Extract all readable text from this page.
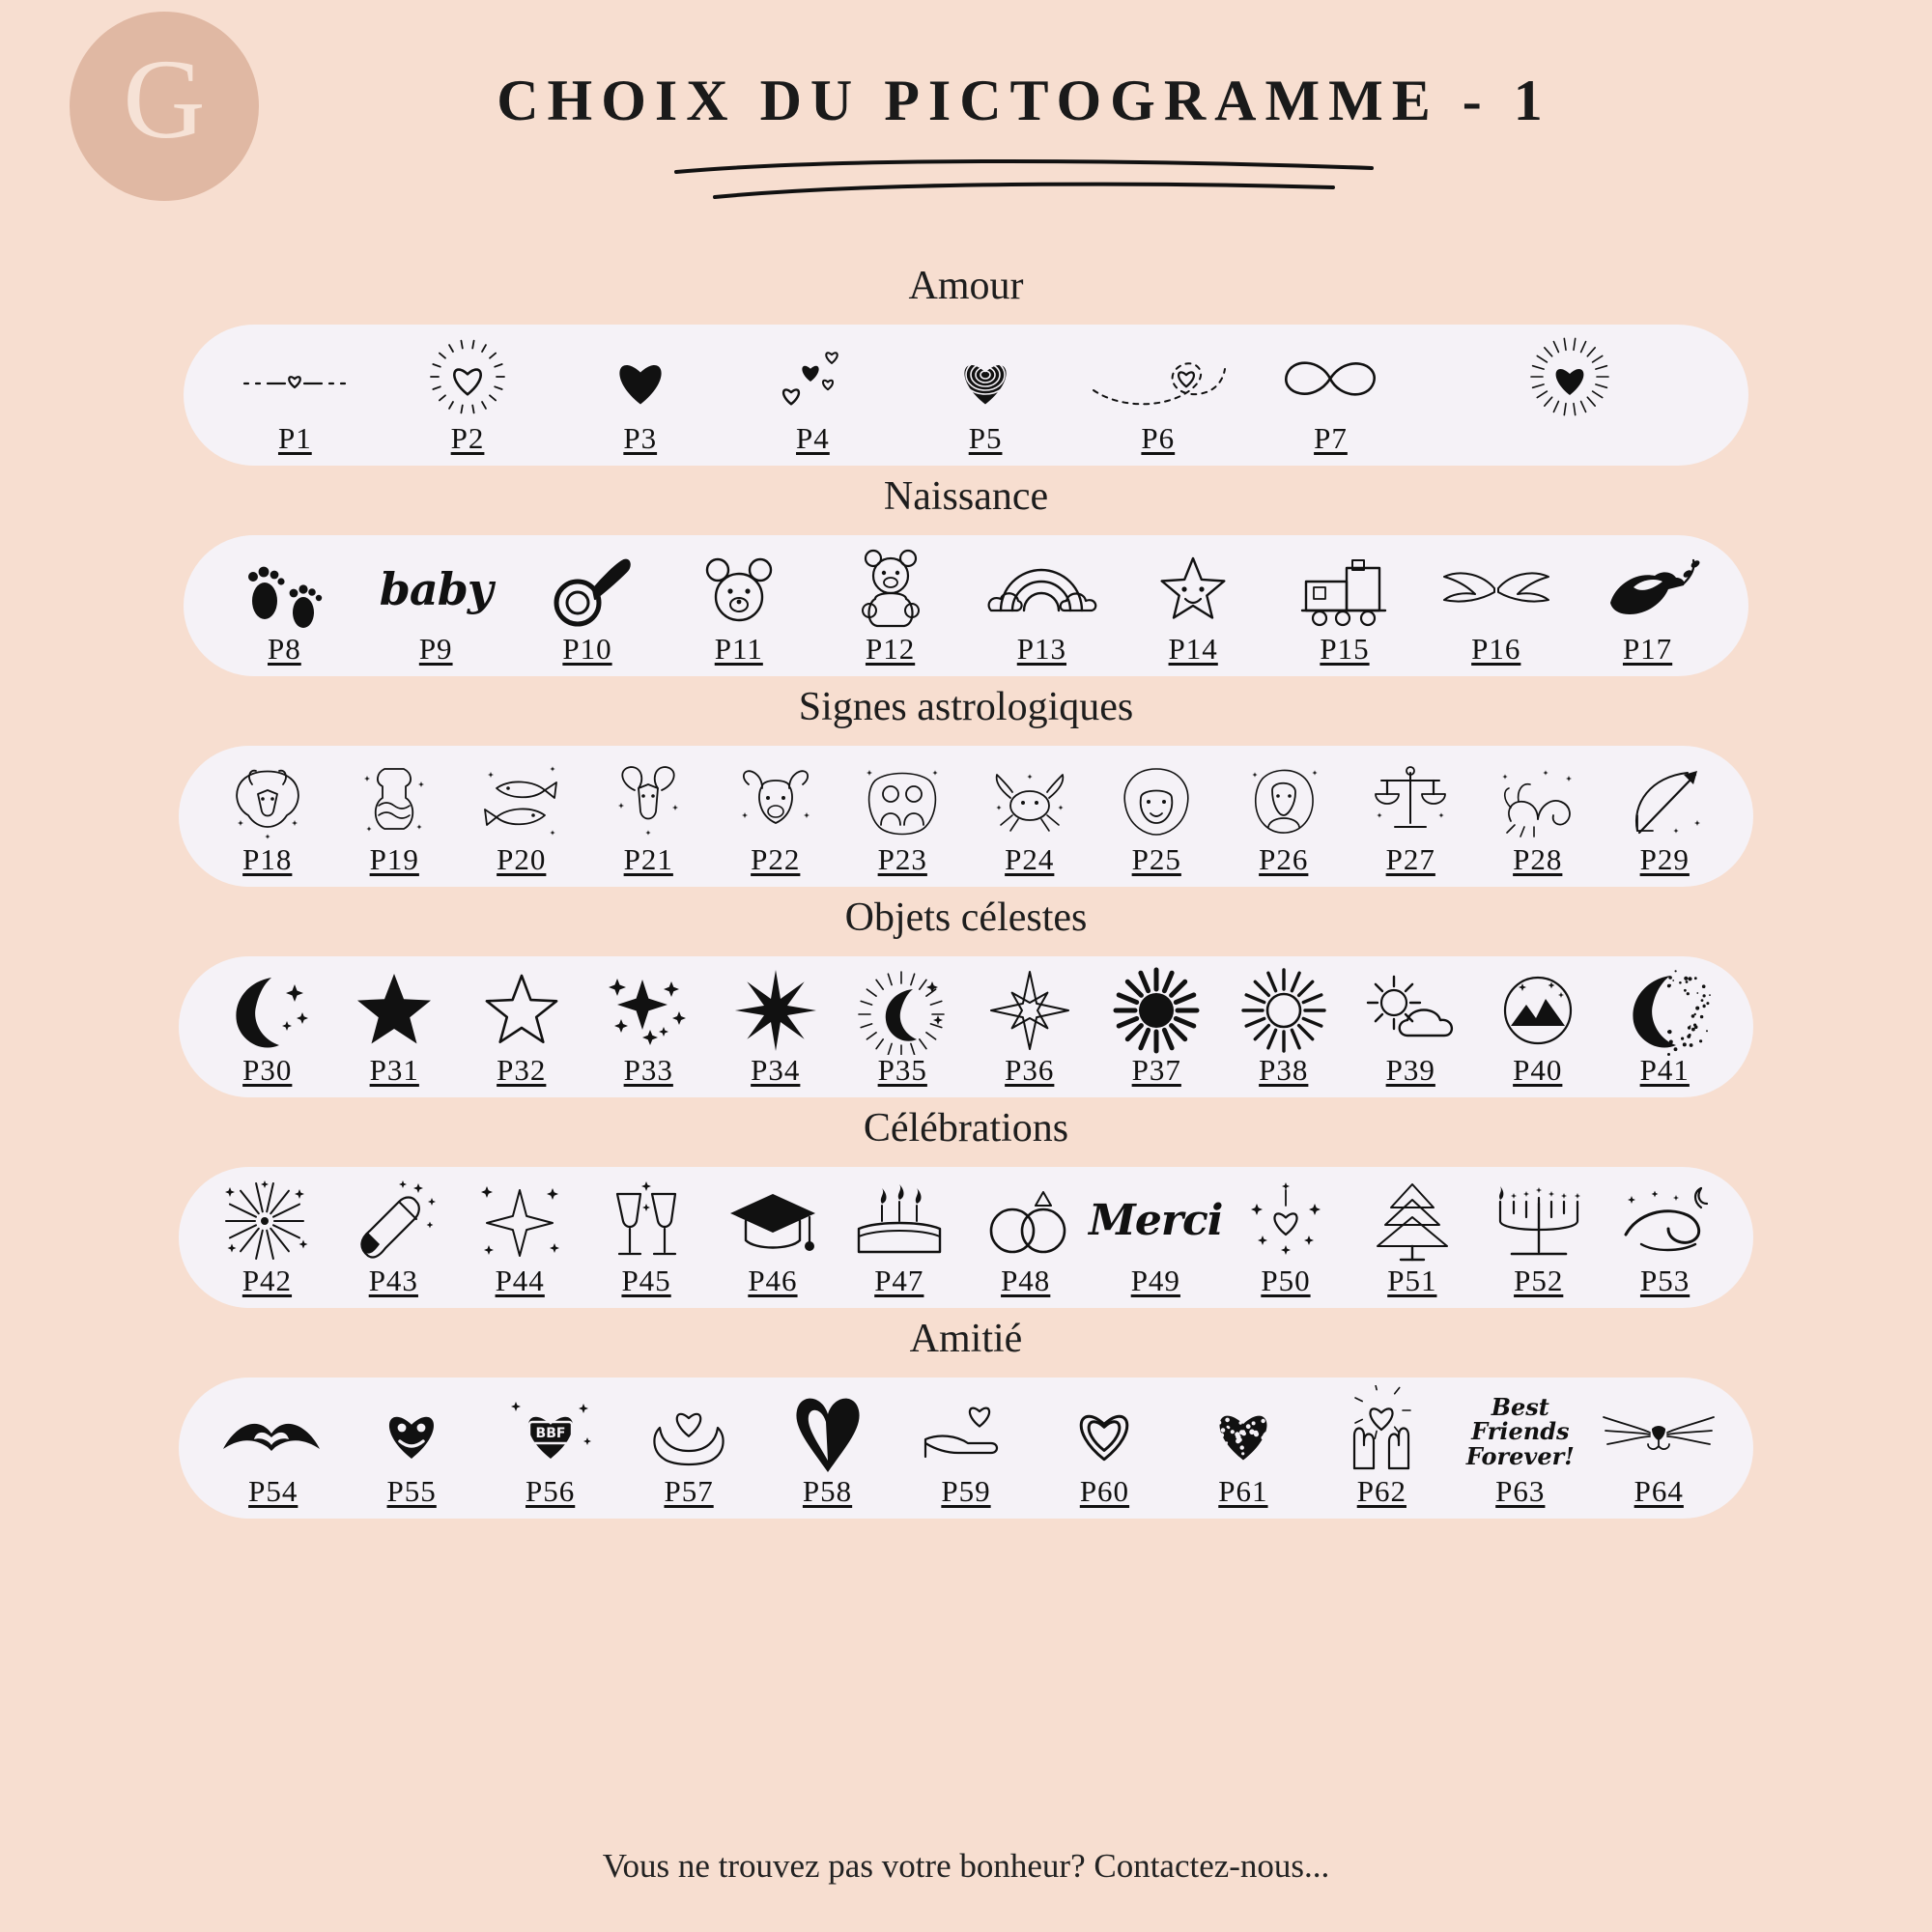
G	CHOIX DU PICTOGRAMME - 1
Amour
P1	P2	P3	P4	P5	P6	P7
Naissance
P8
baby
P9	P10	P11	P12	P13	P14	P15	P16	P17
Signes astrologiques
P18	P19	P20	P21	P22	P23	P24	P25	P26	P27	P28	P29
Objets célestes
P30	P31	P32	P33	P34	P35	P36	P37	P38	P39	P40	P41
Célébrations
P42	P43	P44	P45	P46	P47	P48
Merci
P49	P50	P51	P52	P53
Amitié
P54	P55
BBF
P56	P57	P58	P59	P60	P61	P62
Best Friends
Forever!
P63	P64
Vous ne trouvez pas votre bonheur? Contactez-nous...
